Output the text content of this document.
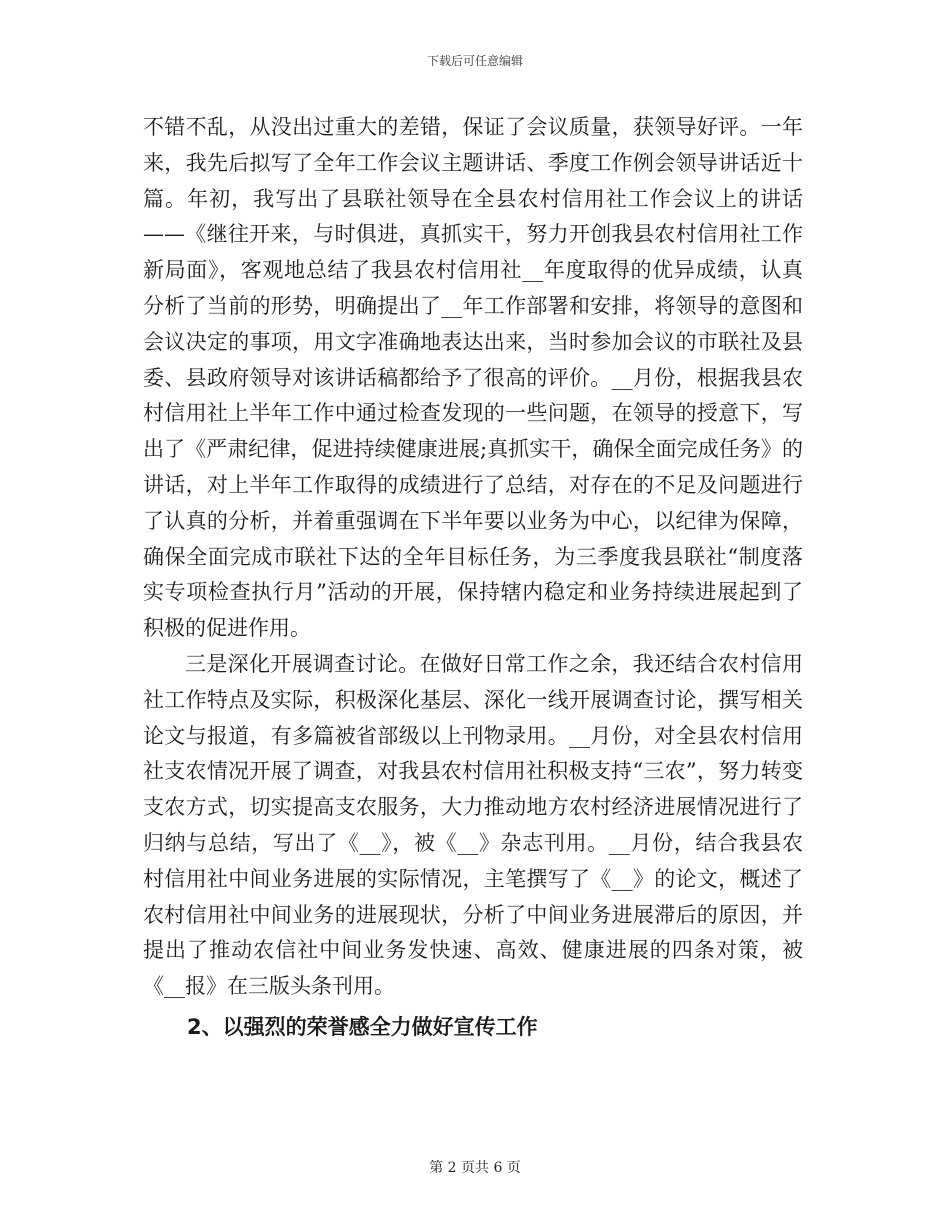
下载后可任意编辑

不错不乱，从没出过重大的差错，保证了会议质量，获领导好评。一年来，我先后拟写了全年工作会议主题讲话、季度工作例会领导讲话近十篇。年初，我写出了县联社领导在全县农村信用社工作会议上的讲话——《继往开来，与时俱进，真抓实干，努力开创我县农村信用社工作新局面》，客观地总结了我县农村信用社__年度取得的优异成绩，认真分析了当前的形势，明确提出了__年工作部署和安排，将领导的意图和会议决定的事项，用文字准确地表达出来，当时参加会议的市联社及县委、县政府领导对该讲话稿都给予了很高的评价。__月份，根据我县农村信用社上半年工作中通过检查发现的一些问题，在领导的授意下，写出了《严肃纪律，促进持续健康进展;真抓实干，确保全面完成任务》的讲话，对上半年工作取得的成绩进行了总结，对存在的不足及问题进行了认真的分析，并着重强调在下半年要以业务为中心，以纪律为保障，确保全面完成市联社下达的全年目标任务，为三季度我县联社“制度落实专项检查执行月”活动的开展，保持辖内稳定和业务持续进展起到了积极的促进作用。

三是深化开展调查讨论。在做好日常工作之余，我还结合农村信用社工作特点及实际，积极深化基层、深化一线开展调查讨论，撰写相关论文与报道，有多篇被省部级以上刊物录用。__月份，对全县农村信用社支农情况开展了调查，对我县农村信用社积极支持“三农”，努力转变支农方式，切实提高支农服务，大力推动地方农村经济进展情况进行了归纳与总结，写出了《__》，被《__》杂志刊用。__月份，结合我县农村信用社中间业务进展的实际情况，主笔撰写了《__》的论文，概述了农村信用社中间业务的进展现状，分析了中间业务进展滞后的原因，并提出了推动农信社中间业务发快速、高效、健康进展的四条对策，被《__报》在三版头条刊用。

2、以强烈的荣誉感全力做好宣传工作

第 2 页共 6 页
